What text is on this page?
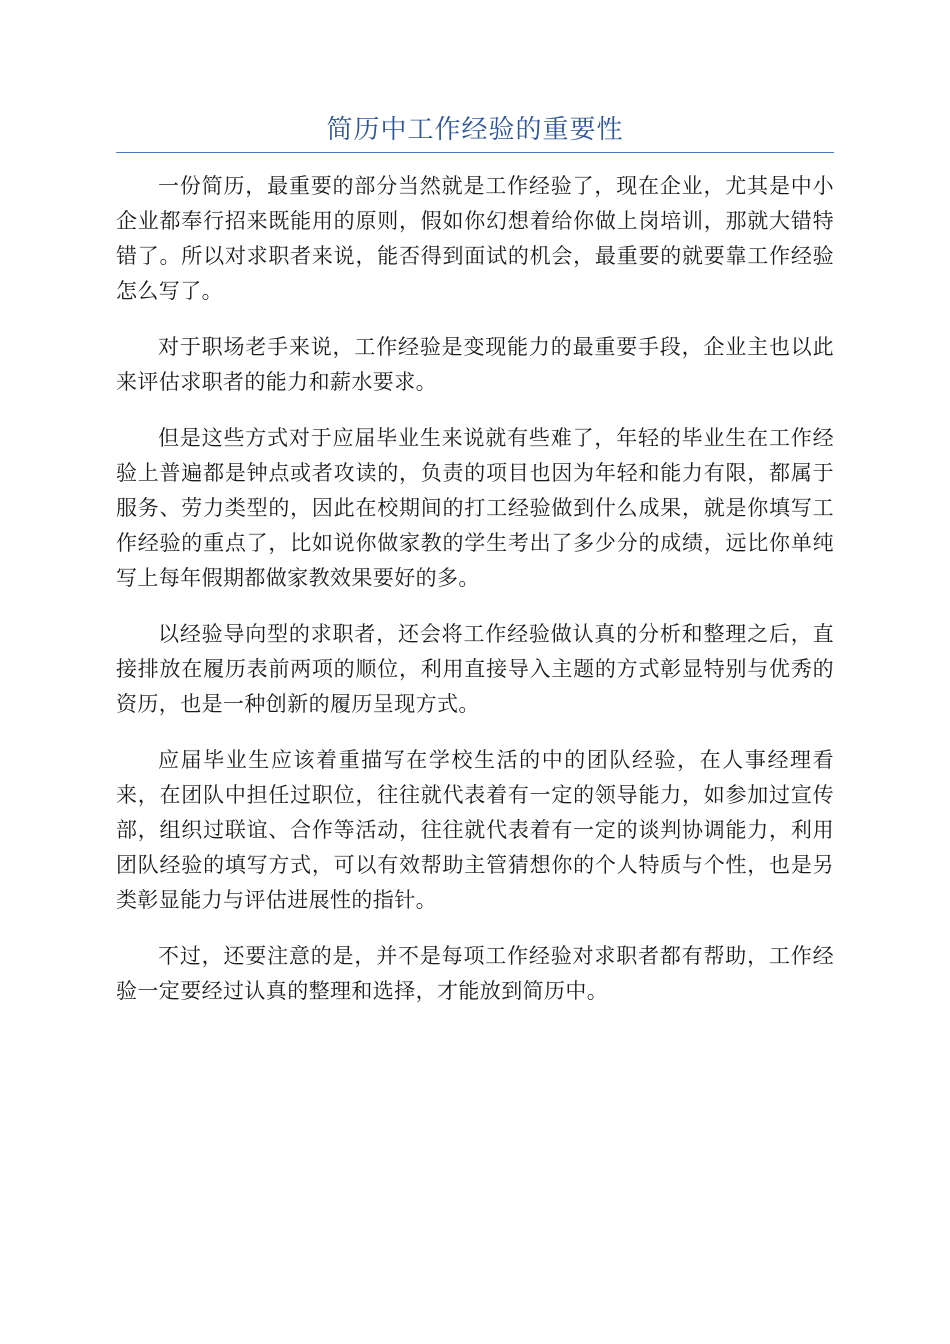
简历中工作经验的重要性

一份简历，最重要的部分当然就是工作经验了，现在企业，尤其是中小企业都奉行招来既能用的原则，假如你幻想着给你做上岗培训，那就大错特错了。所以对求职者来说，能否得到面试的机会，最重要的就要靠工作经验怎么写了。

对于职场老手来说，工作经验是变现能力的最重要手段，企业主也以此来评估求职者的能力和薪水要求。

但是这些方式对于应届毕业生来说就有些难了，年轻的毕业生在工作经验上普遍都是钟点或者攻读的，负责的项目也因为年轻和能力有限，都属于服务、劳力类型的，因此在校期间的打工经验做到什么成果，就是你填写工作经验的重点了，比如说你做家教的学生考出了多少分的成绩，远比你单纯写上每年假期都做家教效果要好的多。

以经验导向型的求职者，还会将工作经验做认真的分析和整理之后，直接排放在履历表前两项的顺位，利用直接导入主题的方式彰显特别与优秀的资历，也是一种创新的履历呈现方式。

应届毕业生应该着重描写在学校生活的中的团队经验，在人事经理看来，在团队中担任过职位，往往就代表着有一定的领导能力，如参加过宣传部，组织过联谊、合作等活动，往往就代表着有一定的谈判协调能力，利用团队经验的填写方式，可以有效帮助主管猜想你的个人特质与个性，也是另类彰显能力与评估进展性的指针。

不过，还要注意的是，并不是每项工作经验对求职者都有帮助，工作经验一定要经过认真的整理和选择，才能放到简历中。
